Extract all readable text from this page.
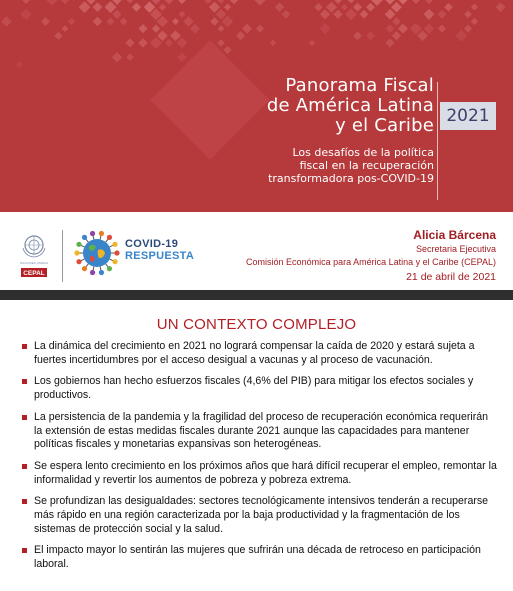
Panorama Fiscal
de América Latina
y el Caribe 2021
Los desafíos de la política
fiscal en la recuperación
transformadora pos-COVID-19
NACIONES UNIDAS
CEPAL
COVID-19
RESPUESTA
Alicia Bárcena
Secretaria Ejecutiva
Comisión Económica para América Latina y el Caribe (CEPAL)
21 de abril de 2021
UN CONTEXTO COMPLEJO
La dinámica del crecimiento en 2021 no logrará compensar la caída de 2020 y estará sujeta a fuertes incertidumbres por el acceso desigual a vacunas y al proceso de vacunación.
Los gobiernos han hecho esfuerzos fiscales (4,6% del PIB) para mitigar los efectos sociales y productivos.
La persistencia de la pandemia y la fragilidad del proceso de recuperación económica requerirán la extensión de estas medidas fiscales durante 2021 aunque las capacidades para mantener políticas fiscales y monetarias expansivas son heterogéneas.
Se espera lento crecimiento en los próximos años que hará difícil recuperar el empleo, remontar la informalidad y revertir los aumentos de pobreza y pobreza extrema.
Se profundizan las desigualdades: sectores tecnológicamente intensivos tenderán a recuperarse más rápido en una región caracterizada por la baja productividad y la fragmentación de los sistemas de protección social y la salud.
El impacto mayor lo sentirán las mujeres que sufrirán una década de retroceso en participación laboral.
